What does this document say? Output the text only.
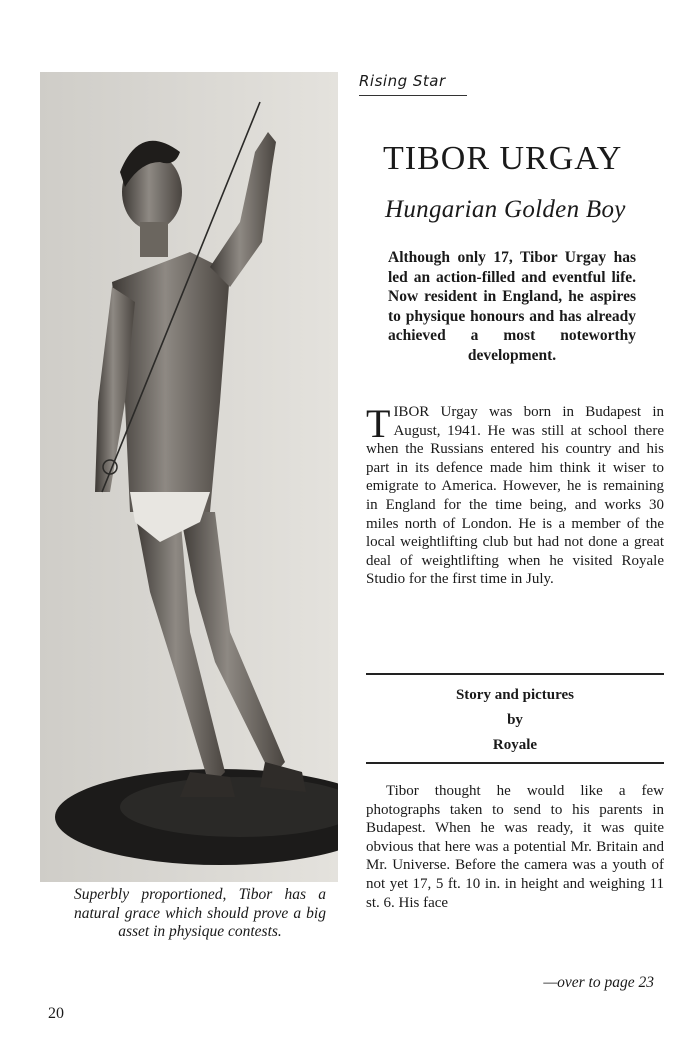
Superbly proportioned, Tibor has a natural grace which should prove a big asset in physique contests.
20
Rising Star
TIBOR URGAY
Hungarian Golden Boy
Although only 17, Tibor Urgay has led an action-filled and eventful life. Now resident in England, he aspires to physique honours and has already achieved a most noteworthy development.

TIBOR Urgay was born in Budapest in August, 1941. He was still at school there when the Russians entered his country and his part in its defence made him think it wiser to emigrate to America. However, he is remaining in England for the time being, and works 30 miles north of London. He is a member of the local weightlifting club but had not done a great deal of weightlifting when he visited Royale Studio for the first time in July.

Story and pictures
by
Royale

Tibor thought he would like a few photographs taken to send to his parents in Budapest. When he was ready, it was quite obvious that here was a potential Mr. Britain and Mr. Universe. Before the camera was a youth of not yet 17, 5 ft. 10 in. in height and weighing 11 st. 6. His face

—over to page 23
